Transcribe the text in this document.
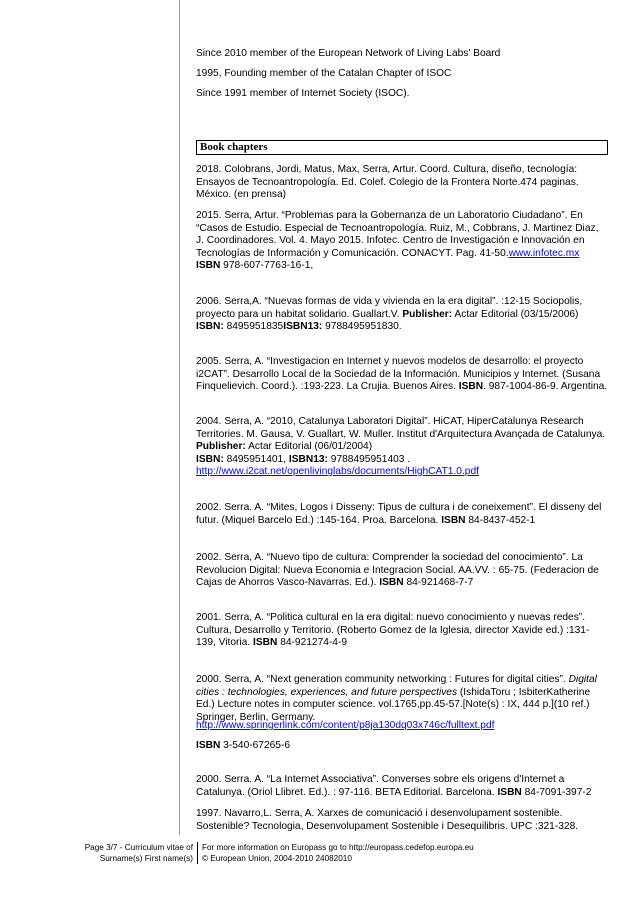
Since 2010 member of the European Network of Living Labs' Board
1995, Founding member of the Catalan Chapter of ISOC
Since 1991 member of Internet Society (ISOC).
Book chapters
2018. Colobrans, Jordi, Matus, Max, Serra, Artur. Coord. Cultura, diseño, tecnología: Ensayos de Tecnoantropología. Ed. Colef. Colegio de la Frontera Norte.474 paginas. México. (en prensa)
2015. Serra, Artur. “Problemas para la Gobernanza de un Laboratorio Ciudadano”. En “Casos de Estudio. Especial de Tecnoantropología. Ruiz, M., Cobbrans, J. Martinez Diaz, J. Coordinadores. Vol. 4. Mayo 2015. Infotec. Centro de Investigación e Innovación en Tecnologías de Información y Comunicación. CONACYT. Pag. 41-50.www.infotec.mx
ISBN 978-607-7763-16-1,
2006. Serra,A. “Nuevas formas de vida y vivienda en la era digital”. :12-15 Sociopolis, proyecto para un habitat solidario. Guallart.V. Publisher: Actar Editorial (03/15/2006)
ISBN: 8495951835ISBN13: 9788495951830.
2005. Serra, A. “Investigacion en Internet y nuevos modelos de desarrollo: el proyecto i2CAT”. Desarrollo Local de la Sociedad de la Información. Municipios y Internet. (Susana Finquelievich. Coord.). :193-223. La Crujia. Buenos Aires. ISBN. 987-1004-86-9. Argentina.
2004. Serra, A. “2010, Catalunya Laboratori Digital”. HiCAT, HiperCatalunya Research Territories. M. Gausa, V. Guallart, W. Muller. Institut d'Arquitectura Avançada de Catalunya. Publisher: Actar Editorial (06/01/2004)
ISBN: 8495951401, ISBN13: 9788495951403 .
http://www.i2cat.net/openlivinglabs/documents/HighCAT1.0.pdf
2002. Serra. A. “Mites, Logos i Disseny: Tipus de cultura i de coneixement”. El disseny del futur. (Miquel Barcelo Ed.) :145-164. Proa. Barcelona. ISBN 84-8437-452-1
2002. Serra, A. “Nuevo tipo de cultura: Comprender la sociedad del conocimiento”. La Revolucion Digital: Nueva Economia e Integracion Social. AA.VV. : 65-75. (Federacion de Cajas de Ahorros Vasco-Navarras. Ed.). ISBN 84-921468-7-7
2001. Serra, A. “Politica cultural en la era digital: nuevo conocimiento y nuevas redes”. Cultura, Desarrollo y Territorio. (Roberto Gomez de la Iglesia, director Xavide ed.) :131-139, Vitoria. ISBN 84-921274-4-9
2000. Serra, A. “Next generation community networking : Futures for digital cities”. Digital cities : technologies, experiences, and future perspectives (IshidaToru ; IsbiterKatherine Ed.) Lecture notes in computer science. vol.1765,pp.45-57.[Note(s) : IX, 444 p.](10 ref.) Springer, Berlin, Germany.
http://www.springerlink.com/content/p8ja130dq03x746c/fulltext.pdf
ISBN 3-540-67265-6
2000. Serra. A. “La Internet Associativa”. Converses sobre els origens d'Internet a Catalunya. (Oriol Llibret. Ed.). : 97-116. BETA Editorial. Barcelona. ISBN 84-7091-397-2
1997. Navarro,L. Serra, A. Xarxes de comunicació i desenvolupament sostenible. Sostenible? Tecnologia, Desenvolupament Sostenible i Desequilibris. UPC :321-328.
Page 3/7 - Curriculum vitae of
Surname(s) First name(s)
For more information on Europass go to http://europass.cedefop.europa.eu
© European Union, 2004-2010 24082010
